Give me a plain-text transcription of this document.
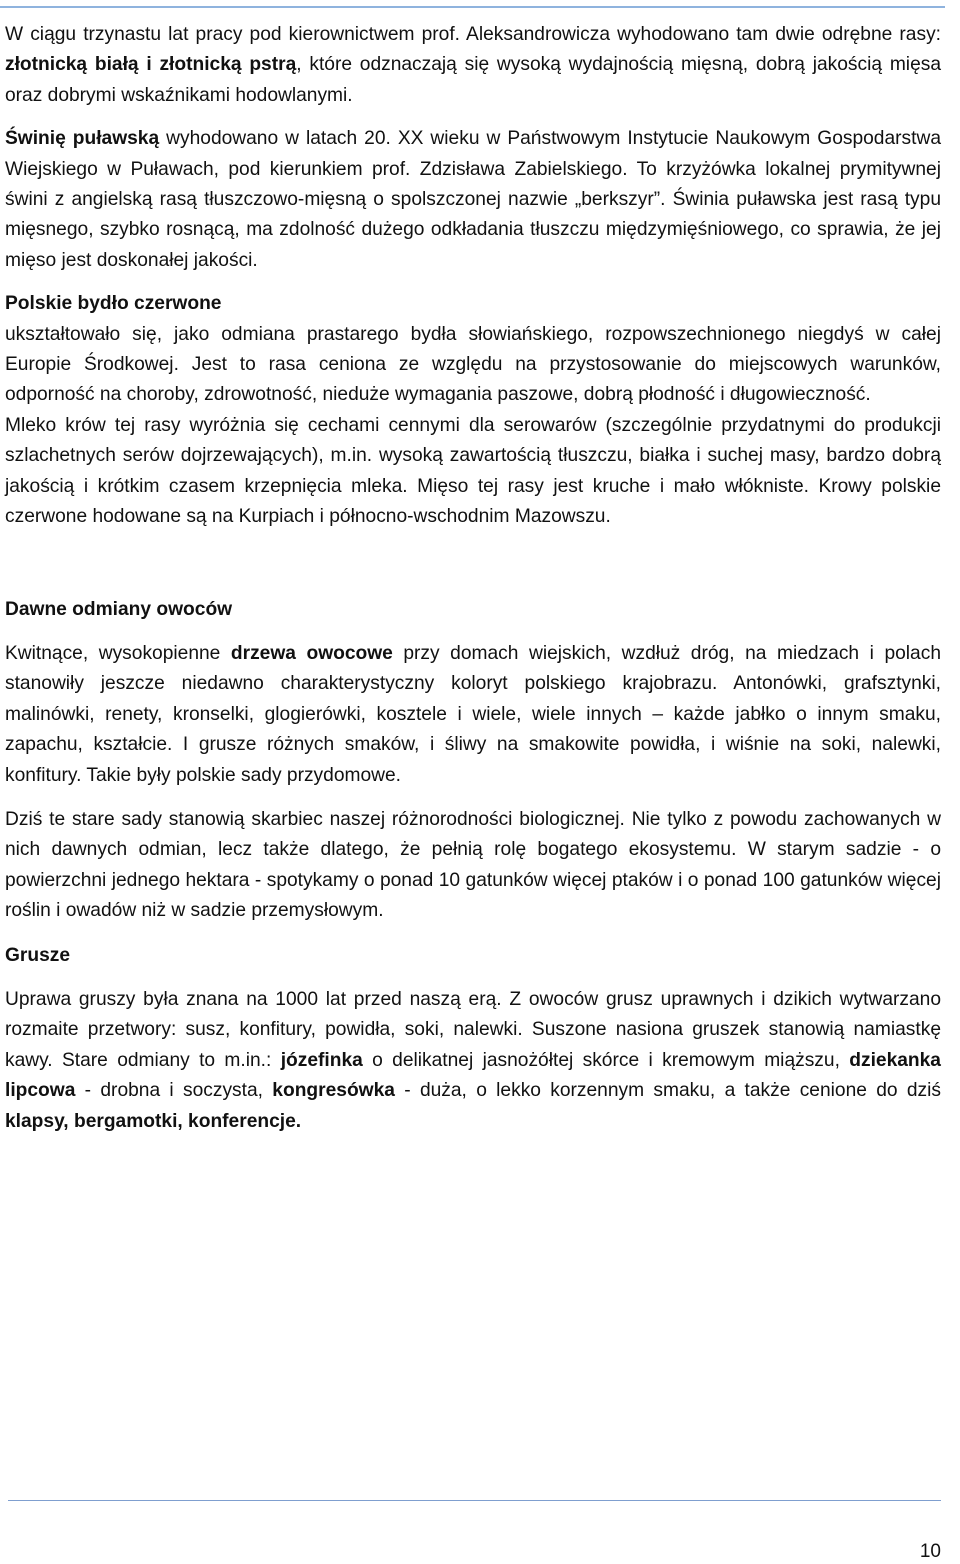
W ciągu trzynastu lat pracy pod kierownictwem prof. Aleksandrowicza wyhodowano tam dwie odrębne rasy: złotnicką białą i złotnicką pstrą, które odznaczają się wysoką wydajnością mięsną, dobrą jakością mięsa oraz dobrymi wskaźnikami hodowlanymi.

Świnię puławską wyhodowano w latach 20. XX wieku w Państwowym Instytucie Naukowym Gospodarstwa Wiejskiego w Puławach, pod kierunkiem prof. Zdzisława Zabielskiego. To krzyżówka lokalnej prymitywnej świni z angielską rasą tłuszczowo-mięsną o spolszczonej nazwie „berkszyr”. Świnia puławska jest rasą typu mięsnego, szybko rosnącą, ma zdolność dużego odkładania tłuszczu międzymięśniowego, co sprawia, że jej mięso jest doskonałej jakości.

Polskie bydło czerwone

ukształtowało się, jako odmiana prastarego bydła słowiańskiego, rozpowszechnionego niegdyś w całej Europie Środkowej. Jest to rasa ceniona ze względu na przystosowanie do miejscowych warunków, odporność na choroby, zdrowotność, nieduże wymagania paszowe, dobrą płodność i długowieczność.

Mleko krów tej rasy wyróżnia się cechami cennymi dla serowarów (szczególnie przydatnymi do produkcji szlachetnych serów dojrzewających), m.in. wysoką zawartością tłuszczu, białka i suchej masy, bardzo dobrą jakością i krótkim czasem krzepnięcia mleka. Mięso tej rasy jest kruche i mało włókniste. Krowy polskie czerwone hodowane są na Kurpiach i północno-wschodnim Mazowszu.

Dawne odmiany owoców

Kwitnące, wysokopienne drzewa owocowe przy domach wiejskich, wzdłuż dróg, na miedzach i polach stanowiły jeszcze niedawno charakterystyczny koloryt polskiego krajobrazu. Antonówki, grafsztynki, malinówki, renety, kronselki, glogierówki, kosztele i wiele, wiele innych – każde jabłko o innym smaku, zapachu, kształcie. I grusze różnych smaków, i śliwy na smakowite powidła, i wiśnie na soki, nalewki, konfitury. Takie były polskie sady przydomowe.

Dziś te stare sady stanowią skarbiec naszej różnorodności biologicznej. Nie tylko z powodu zachowanych w nich dawnych odmian, lecz także dlatego, że pełnią rolę bogatego ekosystemu. W starym sadzie - o powierzchni jednego hektara - spotykamy o ponad 10 gatunków więcej ptaków i o ponad 100 gatunków więcej roślin i owadów niż w sadzie przemysłowym.

Grusze

Uprawa gruszy była znana na 1000 lat przed naszą erą. Z owoców grusz uprawnych i dzikich wytwarzano rozmaite przetwory: susz, konfitury, powidła, soki, nalewki. Suszone nasiona gruszek stanowią namiastkę kawy. Stare odmiany to m.in.: józefinka o delikatnej jasnożółtej skórce i kremowym miąższu, dziekanka lipcowa - drobna i soczysta, kongresówka - duża, o lekko korzennym smaku, a także cenione do dziś klapsy, bergamotki, konferencje.

10
